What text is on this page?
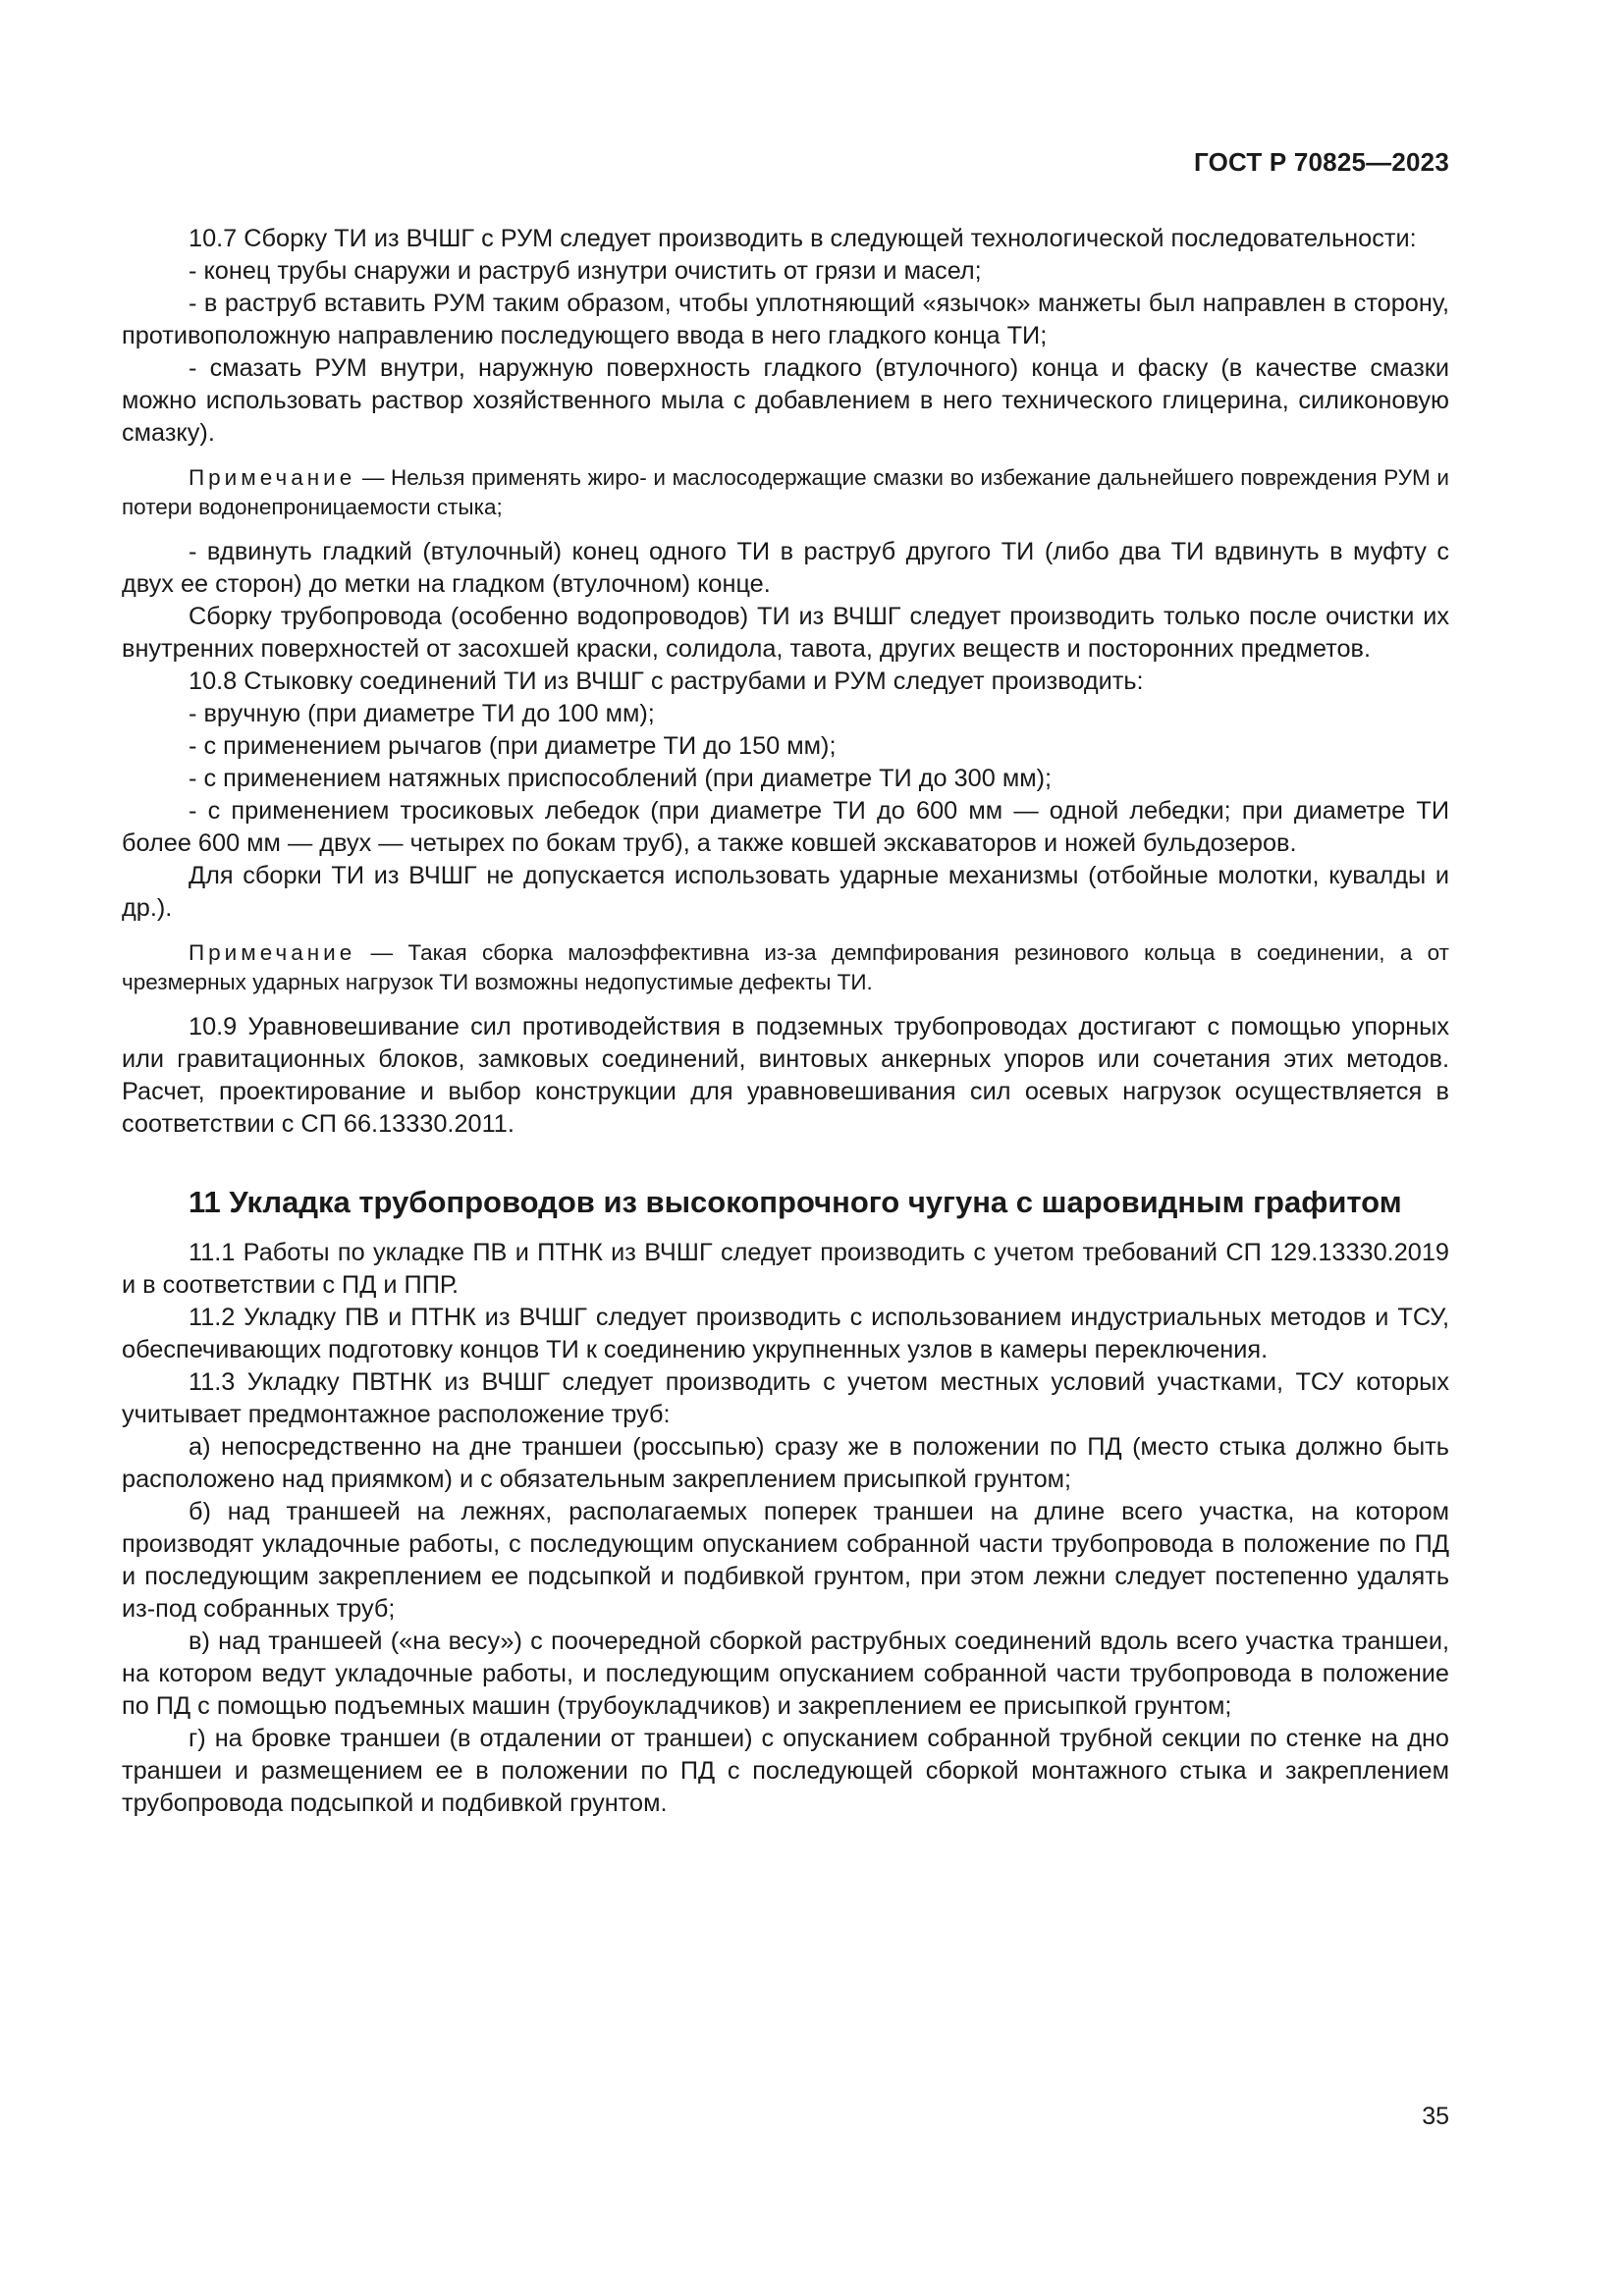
ГОСТ Р 70825—2023

10.7 Сборку ТИ из ВЧШГ с РУМ следует производить в следующей технологической последовательности:

- конец трубы снаружи и раструб изнутри очистить от грязи и масел;

- в раструб вставить РУМ таким образом, чтобы уплотняющий «язычок» манжеты был направлен в сторону, противоположную направлению последующего ввода в него гладкого конца ТИ;

- смазать РУМ внутри, наружную поверхность гладкого (втулочного) конца и фаску (в качестве смазки можно использовать раствор хозяйственного мыла с добавлением в него технического глицерина, силиконовую смазку).

Примечание — Нельзя применять жиро- и маслосодержащие смазки во избежание дальнейшего повреждения РУМ и потери водонепроницаемости стыка;

- вдвинуть гладкий (втулочный) конец одного ТИ в раструб другого ТИ (либо два ТИ вдвинуть в муфту с двух ее сторон) до метки на гладком (втулочном) конце.

Сборку трубопровода (особенно водопроводов) ТИ из ВЧШГ следует производить только после очистки их внутренних поверхностей от засохшей краски, солидола, тавота, других веществ и посторонних предметов.

10.8 Стыковку соединений ТИ из ВЧШГ с раструбами и РУМ следует производить:

- вручную (при диаметре ТИ до 100 мм);

- с применением рычагов (при диаметре ТИ до 150 мм);

- с применением натяжных приспособлений (при диаметре ТИ до 300 мм);

- с применением тросиковых лебедок (при диаметре ТИ до 600 мм — одной лебедки; при диаметре ТИ более 600 мм — двух — четырех по бокам труб), а также ковшей экскаваторов и ножей бульдозеров.

Для сборки ТИ из ВЧШГ не допускается использовать ударные механизмы (отбойные молотки, кувалды и др.).

Примечание — Такая сборка малоэффективна из-за демпфирования резинового кольца в соединении, а от чрезмерных ударных нагрузок ТИ возможны недопустимые дефекты ТИ.

10.9 Уравновешивание сил противодействия в подземных трубопроводах достигают с помощью упорных или гравитационных блоков, замковых соединений, винтовых анкерных упоров или сочетания этих методов. Расчет, проектирование и выбор конструкции для уравновешивания сил осевых нагрузок осуществляется в соответствии с СП 66.13330.2011.

11 Укладка трубопроводов из высокопрочного чугуна с шаровидным графитом

11.1 Работы по укладке ПВ и ПТНК из ВЧШГ следует производить с учетом требований СП 129.13330.2019 и в соответствии с ПД и ППР.

11.2 Укладку ПВ и ПТНК из ВЧШГ следует производить с использованием индустриальных методов и ТСУ, обеспечивающих подготовку концов ТИ к соединению укрупненных узлов в камеры переключения.

11.3 Укладку ПВТНК из ВЧШГ следует производить с учетом местных условий участками, ТСУ которых учитывает предмонтажное расположение труб:

а) непосредственно на дне траншеи (россыпью) сразу же в положении по ПД (место стыка должно быть расположено над приямком) и с обязательным закреплением присыпкой грунтом;

б) над траншеей на лежнях, располагаемых поперек траншеи на длине всего участка, на котором производят укладочные работы, с последующим опусканием собранной части трубопровода в положение по ПД и последующим закреплением ее подсыпкой и подбивкой грунтом, при этом лежни следует постепенно удалять из-под собранных труб;

в) над траншеей («на весу») с поочередной сборкой раструбных соединений вдоль всего участка траншеи, на котором ведут укладочные работы, и последующим опусканием собранной части трубопровода в положение по ПД с помощью подъемных машин (трубоукладчиков) и закреплением ее присыпкой грунтом;

г) на бровке траншеи (в отдалении от траншеи) с опусканием собранной трубной секции по стенке на дно траншеи и размещением ее в положении по ПД с последующей сборкой монтажного стыка и закреплением трубопровода подсыпкой и подбивкой грунтом.

35
